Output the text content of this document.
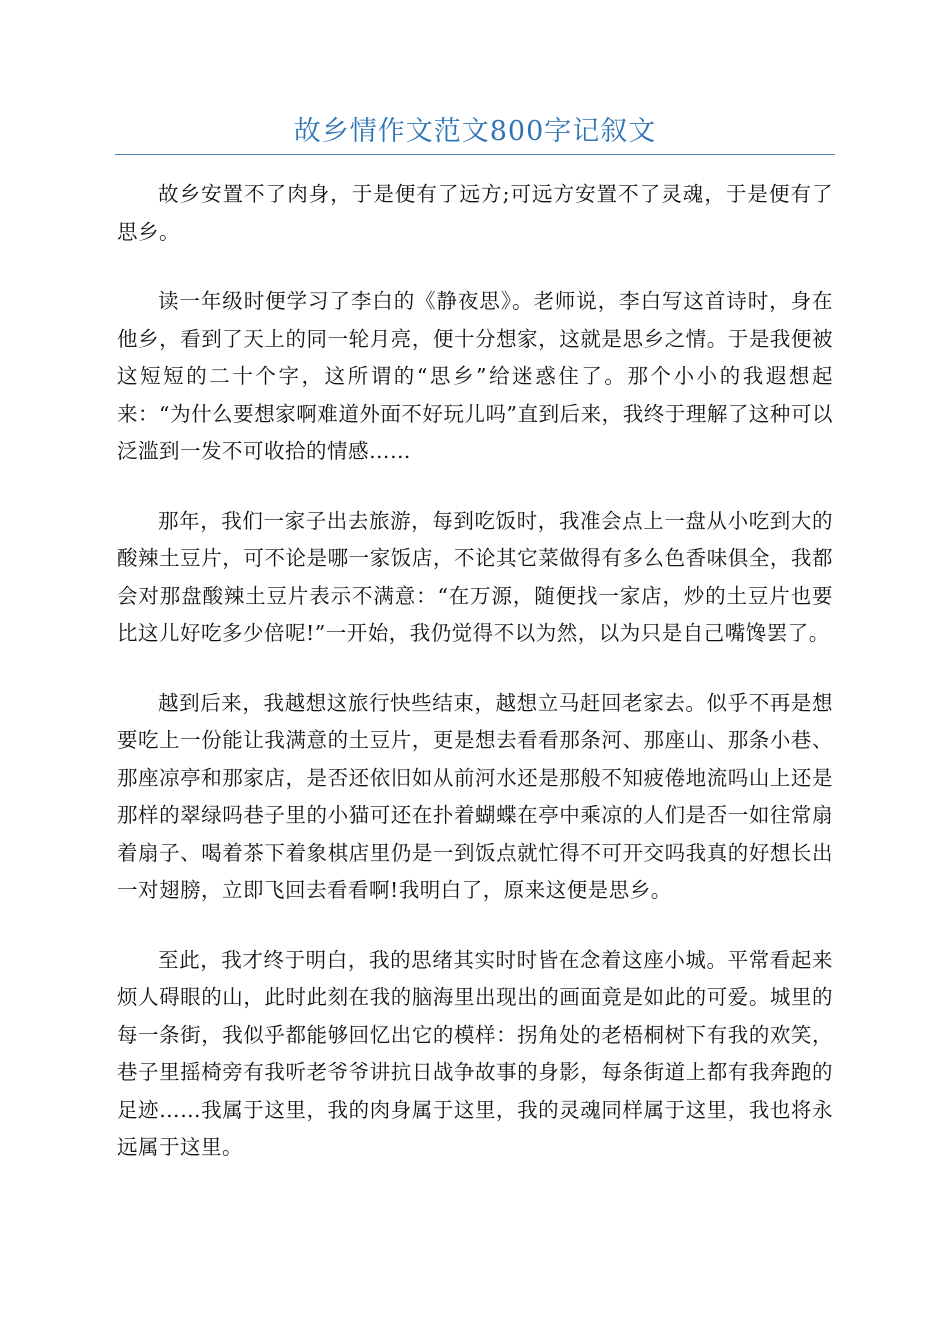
故乡情作文范文800字记叙文

故乡安置不了肉身，于是便有了远方;可远方安置不了灵魂，于是便有了思乡。

读一年级时便学习了李白的《静夜思》。老师说，李白写这首诗时，身在他乡，看到了天上的同一轮月亮，便十分想家，这就是思乡之情。于是我便被这短短的二十个字，这所谓的“思乡”给迷惑住了。那个小小的我遐想起来：“为什么要想家啊难道外面不好玩儿吗”直到后来，我终于理解了这种可以泛滥到一发不可收拾的情感……

那年，我们一家子出去旅游，每到吃饭时，我准会点上一盘从小吃到大的酸辣土豆片，可不论是哪一家饭店，不论其它菜做得有多么色香味俱全，我都会对那盘酸辣土豆片表示不满意：“在万源，随便找一家店，炒的土豆片也要比这儿好吃多少倍呢!”一开始，我仍觉得不以为然，以为只是自己嘴馋罢了。

越到后来，我越想这旅行快些结束，越想立马赶回老家去。似乎不再是想要吃上一份能让我满意的土豆片，更是想去看看那条河、那座山、那条小巷、那座凉亭和那家店，是否还依旧如从前河水还是那般不知疲倦地流吗山上还是那样的翠绿吗巷子里的小猫可还在扑着蝴蝶在亭中乘凉的人们是否一如往常扇着扇子、喝着茶下着象棋店里仍是一到饭点就忙得不可开交吗我真的好想长出一对翅膀，立即飞回去看看啊!我明白了，原来这便是思乡。

至此，我才终于明白，我的思绪其实时时皆在念着这座小城。平常看起来烦人碍眼的山，此时此刻在我的脑海里出现出的画面竟是如此的可爱。城里的每一条街，我似乎都能够回忆出它的模样：拐角处的老梧桐树下有我的欢笑，巷子里摇椅旁有我听老爷爷讲抗日战争故事的身影，每条街道上都有我奔跑的足迹……我属于这里，我的肉身属于这里，我的灵魂同样属于这里，我也将永远属于这里。
